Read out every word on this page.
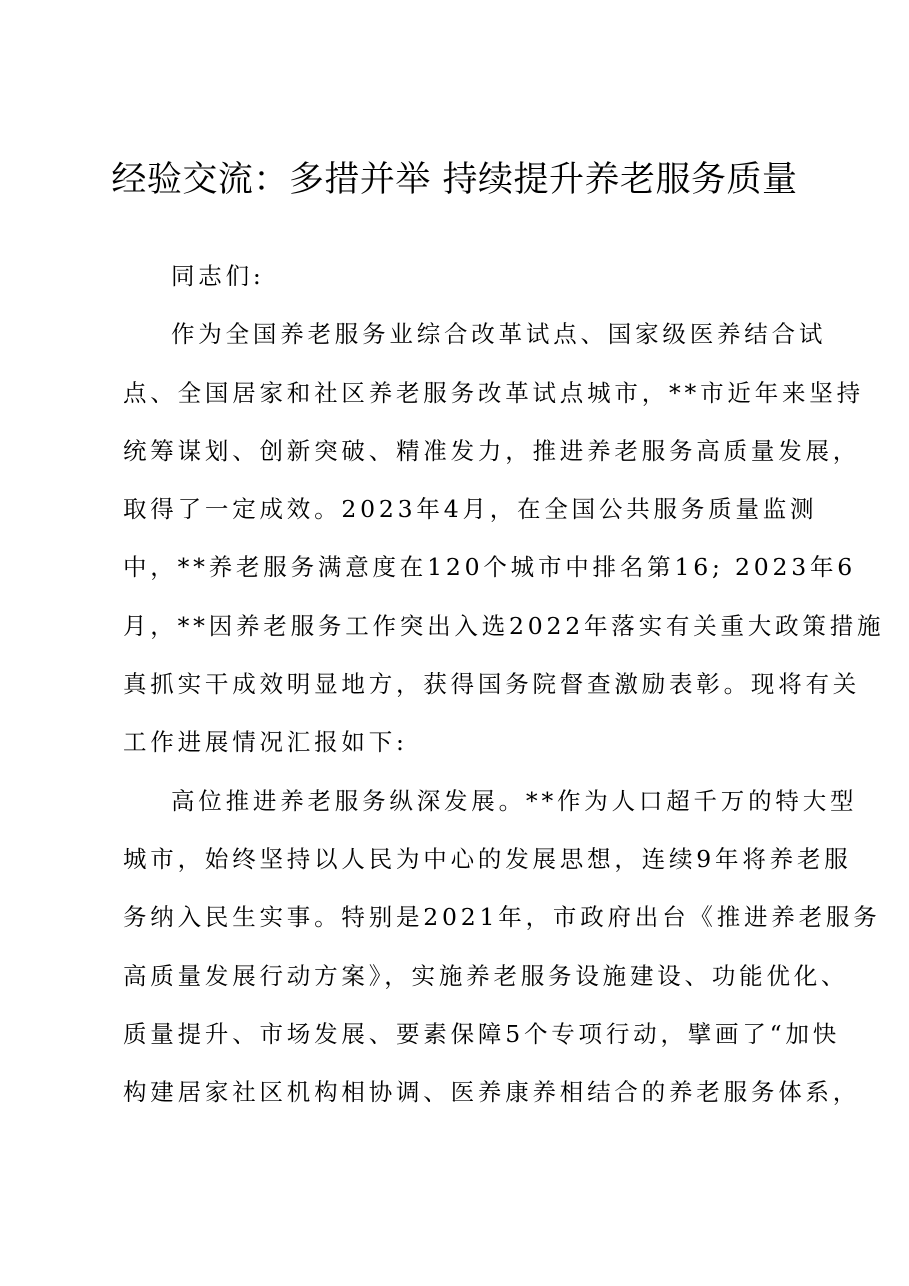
经验交流：多措并举 持续提升养老服务质量
同志们:
作为全国养老服务业综合改革试点、国家级医养结合试
点、全国居家和社区养老服务改革试点城市，**市近年来坚持
统筹谋划、创新突破、精准发力，推进养老服务高质量发展，
取得了一定成效。2023年4月，在全国公共服务质量监测
中，**养老服务满意度在120个城市中排名第16; 2023年6
月，**因养老服务工作突出入选2022年落实有关重大政策措施
真抓实干成效明显地方，获得国务院督查激励表彰。现将有关
工作进展情况汇报如下:
高位推进养老服务纵深发展。**作为人口超千万的特大型
城市，始终坚持以人民为中心的发展思想，连续9年将养老服
务纳入民生实事。特别是2021年，市政府出台《推进养老服务
高质量发展行动方案》，实施养老服务设施建设、功能优化、
质量提升、市场发展、要素保障5个专项行动，擘画了“加快
构建居家社区机构相协调、医养康养相结合的养老服务体系，
